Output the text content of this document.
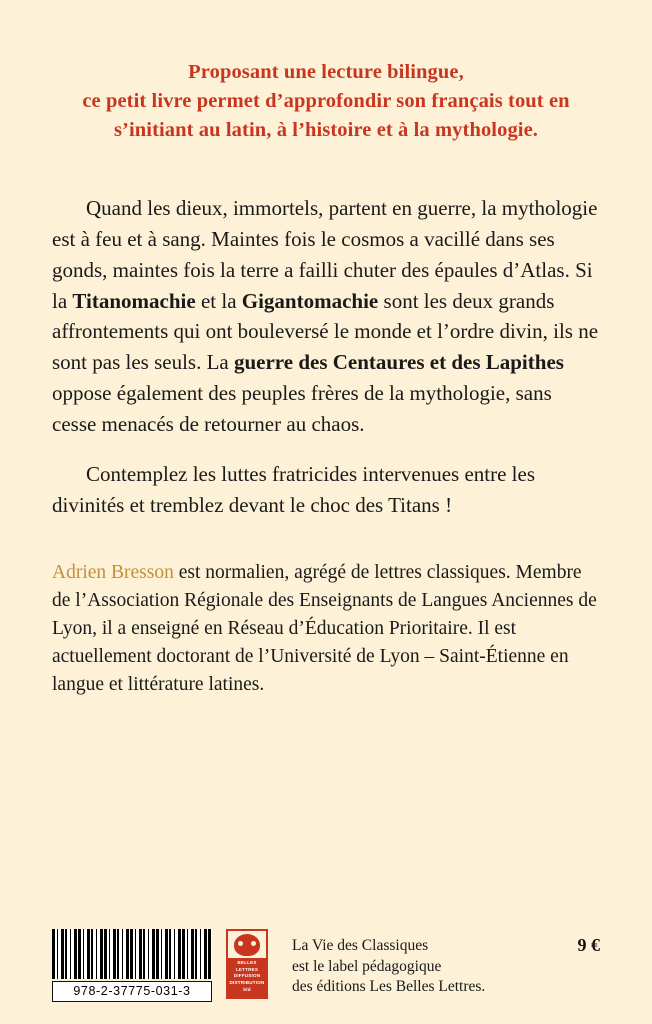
Proposant une lecture bilingue,
ce petit livre permet d’approfondir son français tout en
s’initiant au latin, à l’histoire et à la mythologie.

Quand les dieux, immortels, partent en guerre, la mythologie est à feu et à sang. Maintes fois le cosmos a vacillé dans ses gonds, maintes fois la terre a failli chuter des épaules d’Atlas. Si la Titanomachie et la Gigantomachie sont les deux grands affrontements qui ont bouleversé le monde et l’ordre divin, ils ne sont pas les seuls. La guerre des Centaures et des Lapithes oppose également des peuples frères de la mythologie, sans cesse menacés de retourner au chaos.

Contemplez les luttes fratricides intervenues entre les divinités et tremblez devant le choc des Titans !

Adrien Bresson est normalien, agrégé de lettres classiques. Membre de l’Association Régionale des Enseignants de Langues Anciennes de Lyon, il a enseigné en Réseau d’Éducation Prioritaire. Il est actuellement doctorant de l’Université de Lyon – Saint-Étienne en langue et littérature latines.
978-2-37775-031-3
BELLES LETTRES
DIFFUSION
DISTRIBUTION
bld
La Vie des Classiques
est le label pédagogique
des éditions Les Belles Lettres.
9 €
